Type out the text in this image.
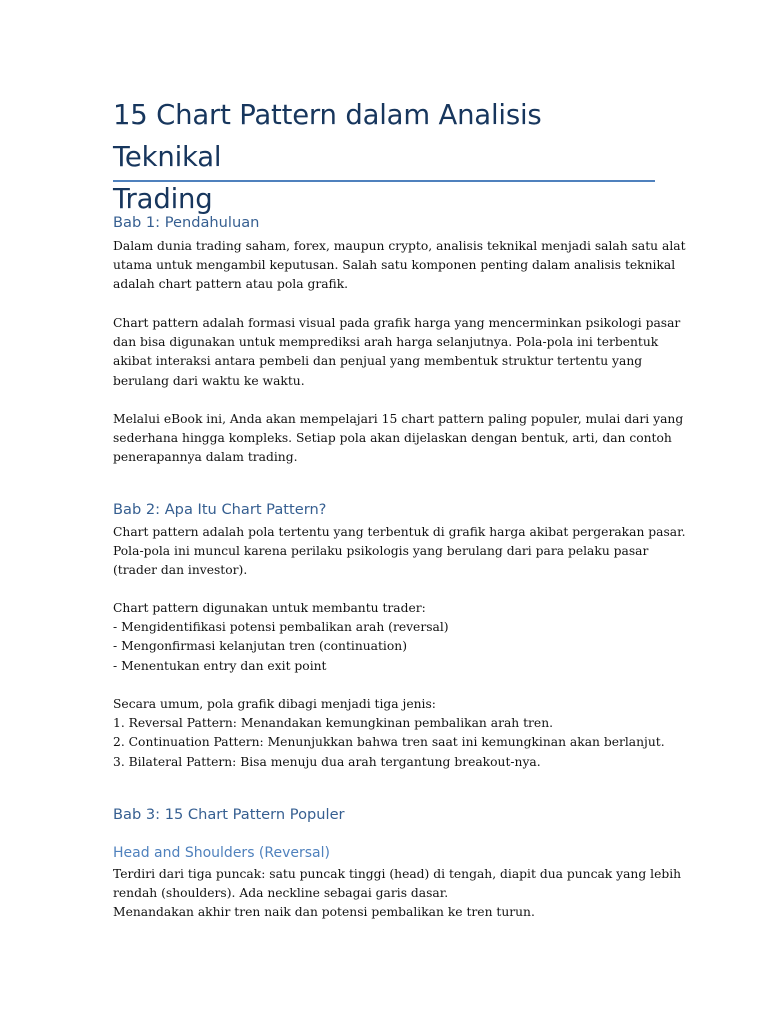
15 Chart Pattern dalam Analisis Teknikal
Trading
Bab 1: Pendahuluan

Dalam dunia trading saham, forex, maupun crypto, analisis teknikal menjadi salah satu alat
utama untuk mengambil keputusan. Salah satu komponen penting dalam analisis teknikal
adalah chart pattern atau pola grafik.

Chart pattern adalah formasi visual pada grafik harga yang mencerminkan psikologi pasar
dan bisa digunakan untuk memprediksi arah harga selanjutnya. Pola-pola ini terbentuk
akibat interaksi antara pembeli dan penjual yang membentuk struktur tertentu yang
berulang dari waktu ke waktu.

Melalui eBook ini, Anda akan mempelajari 15 chart pattern paling populer, mulai dari yang
sederhana hingga kompleks. Setiap pola akan dijelaskan dengan bentuk, arti, dan contoh
penerapannya dalam trading.

Bab 2: Apa Itu Chart Pattern?

Chart pattern adalah pola tertentu yang terbentuk di grafik harga akibat pergerakan pasar.
Pola-pola ini muncul karena perilaku psikologis yang berulang dari para pelaku pasar
(trader dan investor).

Chart pattern digunakan untuk membantu trader:
- Mengidentifikasi potensi pembalikan arah (reversal)
- Mengonfirmasi kelanjutan tren (continuation)
- Menentukan entry dan exit point

Secara umum, pola grafik dibagi menjadi tiga jenis:
1. Reversal Pattern: Menandakan kemungkinan pembalikan arah tren.
2. Continuation Pattern: Menunjukkan bahwa tren saat ini kemungkinan akan berlanjut.
3. Bilateral Pattern: Bisa menuju dua arah tergantung breakout-nya.

Bab 3: 15 Chart Pattern Populer
Head and Shoulders (Reversal)

Terdiri dari tiga puncak: satu puncak tinggi (head) di tengah, diapit dua puncak yang lebih
rendah (shoulders). Ada neckline sebagai garis dasar.
Menandakan akhir tren naik dan potensi pembalikan ke tren turun.
